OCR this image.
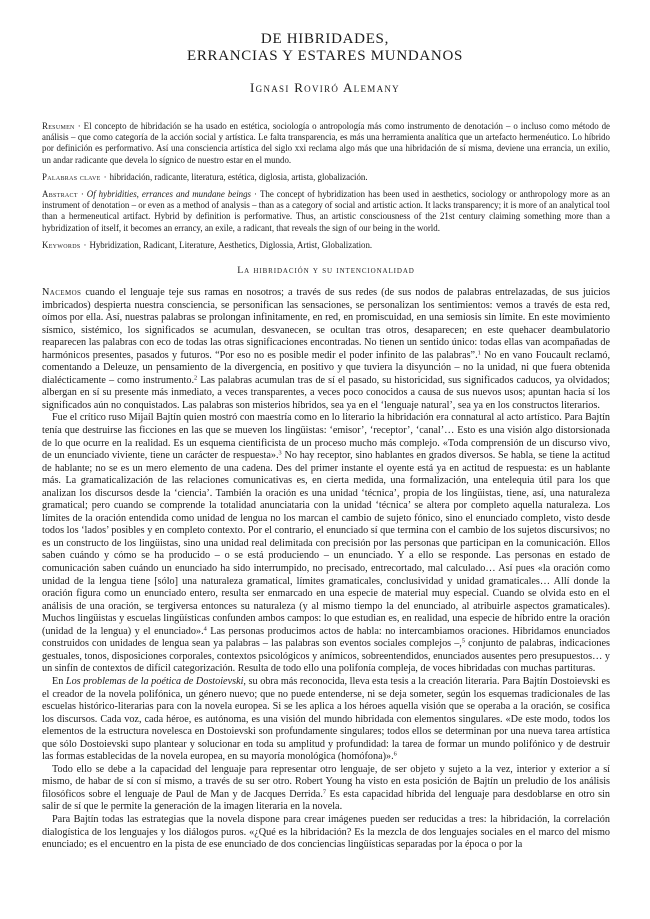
DE HIBRIDADES,
ERRANCIAS Y ESTARES MUNDANOS
Ignasi Roviró Alemany

Resumen · El concepto de hibridación se ha usado en estética, sociología o antropología más como instrumento de denotación – o incluso como método de análisis – que como categoría de la acción social y artística. Le falta transparencia, es más una herramienta analítica que un artefacto hermenéutico. Lo híbrido por definición es performativo. Así una consciencia artística del siglo xxi reclama algo más que una hibridación de sí misma, deviene una errancia, un exilio, un andar radicante que devela lo sígnico de nuestro estar en el mundo.

Palabras clave · hibridación, radicante, literatura, estética, diglosia, artista, globalización.

Abstract · Of hybridities, errances and mundane beings · The concept of hybridization has been used in aesthetics, sociology or anthropology more as an instrument of denotation – or even as a method of analysis – than as a category of social and artistic action. It lacks transparency; it is more of an analytical tool than a hermeneutical artifact. Hybrid by definition is performative. Thus, an artistic consciousness of the 21st century claiming something more than a hybridization of itself, it becomes an errancy, an exile, a radicant, that reveals the sign of our being in the world.

Keywords · Hybridization, Radicant, Literature, Aesthetics, Diglossia, Artist, Globalization.

La hibridación y su intencionalidad

Nacemos cuando el lenguaje teje sus ramas en nosotros; a través de sus redes (de sus nodos de palabras entrelazadas, de sus juicios imbricados) despierta nuestra consciencia, se personifican las sensaciones, se personalizan los sentimientos: vemos a través de esta red, oímos por ella. Así, nuestras palabras se prolongan infinitamente, en red, en promiscuidad, en una semiosis sin límite. En este movimiento sísmico, sistémico, los significados se acumulan, desvanecen, se ocultan tras otros, desaparecen; en este quehacer deambulatorio reaparecen las palabras con eco de todas las otras significaciones encontradas. No tienen un sentido único: todas ellas van acompañadas de harmónicos presentes, pasados y futuros. “Por eso no es posible medir el poder infinito de las palabras”.$^1$ No en vano Foucault reclamó, comentando a Deleuze, un pensamiento de la divergencia, en positivo y que tuviera la disyunción – no la unidad, ni que fuera obtenida dialécticamente – como instrumento.$^2$ Las palabras acumulan tras de sí el pasado, su historicidad, sus significados caducos, ya olvidados; albergan en sí su presente más inmediato, a veces transparentes, a veces poco conocidos a causa de sus nuevos usos; apuntan hacia sí los significados aún no conquistados. Las palabras son misterios híbridos, sea ya en el ‘lenguaje natural’, sea ya en los constructos literarios.

Fue el crítico ruso Mijaíl Bajtín quien mostró con maestría como en lo literario la hibridación era connatural al acto artístico. Para Bajtín tenía que destruirse las ficciones en las que se mueven los lingüistas: ‘emisor’, ‘receptor’, ‘canal’… Esto es una visión algo distorsionada de lo que ocurre en la realidad. Es un esquema cientificista de un proceso mucho más complejo. «Toda comprensión de un discurso vivo, de un enunciado viviente, tiene un carácter de respuesta».$^3$ No hay receptor, sino hablantes en grados diversos. Se habla, se tiene la actitud de hablante; no se es un mero elemento de una cadena. Des del primer instante el oyente está ya en actitud de respuesta: es un hablante más. La gramaticalización de las relaciones comunicativas es, en cierta medida, una formalización, una entelequia útil para los que analizan los discursos desde la ‘ciencia’. También la oración es una unidad ‘técnica’, propia de los lingüistas, tiene, así, una naturaleza gramatical; pero cuando se comprende la totalidad anunciataria con la unidad ‘técnica’ se altera por completo aquella naturaleza. Los límites de la oración entendida como unidad de lengua no los marcan el cambio de sujeto fónico, sino el enunciado completo, visto desde todos los ‘lados’ posibles y en completo contexto. Por el contrario, el enunciado sí que termina con el cambio de los sujetos discursivos; no es un constructo de los lingüistas, sino una unidad real delimitada con precisión por las personas que participan en la comunicación. Ellos saben cuándo y cómo se ha producido – o se está produciendo – un enunciado. Y a ello se responde. Las personas en estado de comunicación saben cuándo un enunciado ha sido interrumpido, no precisado, entrecortado, mal calculado… Así pues «la oración como unidad de la lengua tiene [sólo] una naturaleza gramatical, límites gramaticales, conclusividad y unidad gramaticales… Allí donde la oración figura como un enunciado entero, resulta ser enmarcado en una especie de material muy especial. Cuando se olvida esto en el análisis de una oración, se tergiversa entonces su naturaleza (y al mismo tiempo la del enunciado, al atribuirle aspectos gramaticales). Muchos lingüistas y escuelas lingüísticas confunden ambos campos: lo que estudian es, en realidad, una especie de híbrido entre la oración (unidad de la lengua) y el enunciado».$^4$ Las personas producimos actos de habla: no intercambiamos oraciones. Hibridamos enunciados construidos con unidades de lengua sean ya palabras – las palabras son eventos sociales complejos –,$^5$ conjunto de palabras, indicaciones gestuales, tonos, disposiciones corporales, contextos psicológicos y anímicos, sobreentendidos, enunciados ausentes pero presupuestos… y un sinfín de contextos de difícil categorización. Resulta de todo ello una polifonía compleja, de voces hibridadas con muchas partituras.

En Los problemas de la poética de Dostoievski, su obra más reconocida, lleva esta tesis a la creación literaria. Para Bajtín Dostoievski es el creador de la novela polifónica, un género nuevo; que no puede entenderse, ni se deja someter, según los esquemas tradicionales de las escuelas histórico-literarias para con la novela europea. Si se les aplica a los héroes aquella visión que se operaba a la oración, se cosifica los discursos. Cada voz, cada héroe, es autónoma, es una visión del mundo hibridada con elementos singulares. «De este modo, todos los elementos de la estructura novelesca en Dostoievski son profundamente singulares; todos ellos se determinan por una nueva tarea artística que sólo Dostoievski supo plantear y solucionar en toda su amplitud y profundidad: la tarea de formar un mundo polifónico y de destruir las formas establecidas de la novela europea, en su mayoría monológica (homófona)».$^6$

Todo ello se debe a la capacidad del lenguaje para representar otro lenguaje, de ser objeto y sujeto a la vez, interior y exterior a sí mismo, de habar de sí con sí mismo, a través de su ser otro. Robert Young ha visto en esta posición de Bajtín un preludio de los análisis filosóficos sobre el lenguaje de Paul de Man y de Jacques Derrida.$^7$ Es esta capacidad híbrida del lenguaje para desdoblarse en otro sin salir de sí que le permite la generación de la imagen literaria en la novela.

Para Bajtín todas las estrategias que la novela dispone para crear imágenes pueden ser reducidas a tres: la hibridación, la correlación dialogística de los lenguajes y los diálogos puros. «¿Qué es la hibridación? Es la mezcla de dos lenguajes sociales en el marco del mismo enunciado; es el encuentro en la pista de ese enunciado de dos conciencias lingüísticas separadas por la época o por la
